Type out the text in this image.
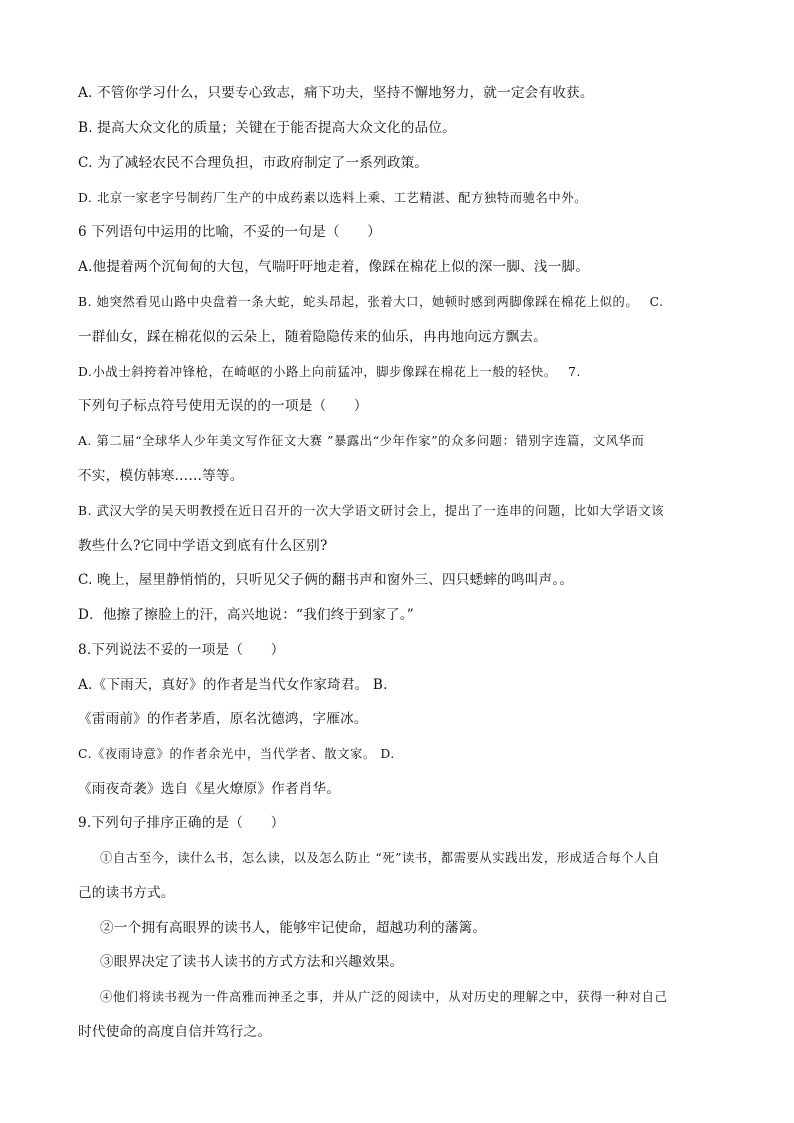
A. 不管你学习什么，只要专心致志，痛下功夫，坚持不懈地努力，就一定会有收获。
B. 提高大众文化的质量；关键在于能否提高大众文化的品位。
C. 为了减轻农民不合理负担，市政府制定了一系列政策。
D. 北京一家老字号制药厂生产的中成药素以选料上乘、工艺精湛、配方独特而驰名中外。
6 下列语句中运用的比喻，不妥的一句是（　　）
A.他提着两个沉甸甸的大包，气喘吁吁地走着，像踩在棉花上似的深一脚、浅一脚。
B. 她突然看见山路中央盘着一条大蛇，蛇头昂起，张着大口，她顿时感到两脚像踩在棉花上似的。　 C.
一群仙女，踩在棉花似的云朵上，随着隐隐传来的仙乐，冉冉地向远方飘去。
D.小战士斜挎着冲锋枪，在崎岖的小路上向前猛冲，脚步像踩在棉花上一般的轻快。　 7.
下列句子标点符号使用无误的的一项是（　　）
A. 第二届“全球华人少年美文写作征文大赛 ”暴露出“少年作家”的众多问题：错别字连篇，文风华而
不实，模仿韩寒……等等。
B. 武汉大学的吴天明教授在近日召开的一次大学语文研讨会上，提出了一连串的问题，比如大学语文该
教些什么?它同中学语文到底有什么区别?
C. 晚上，屋里静悄悄的，只听见父子俩的翻书声和窗外三、四只蟋蟀的鸣叫声。。
D．他擦了擦脸上的汗，高兴地说：“我们终于到家了。”
8.下列说法不妥的一项是（　　）
A.《下雨天，真好》的作者是当代女作家琦君。 B.
《雷雨前》的作者茅盾，原名沈德鸿，字雁冰。
C.《夜雨诗意》的作者余光中，当代学者、散文家。 D.
《雨夜奇袭》选自《星火燎原》作者肖华。
9.下列句子排序正确的是（　　）
①自古至今，读什么书，怎么读，以及怎么防止 “死”读书，都需要从实践出发，形成适合每个人自
己的读书方式。
②一个拥有高眼界的读书人，能够牢记使命，超越功利的藩篱。
③眼界决定了读书人读书的方式方法和兴趣效果。
④他们将读书视为一件高雅而神圣之事，并从广泛的阅读中，从对历史的理解之中，获得一种对自己
时代使命的高度自信并笃行之。
